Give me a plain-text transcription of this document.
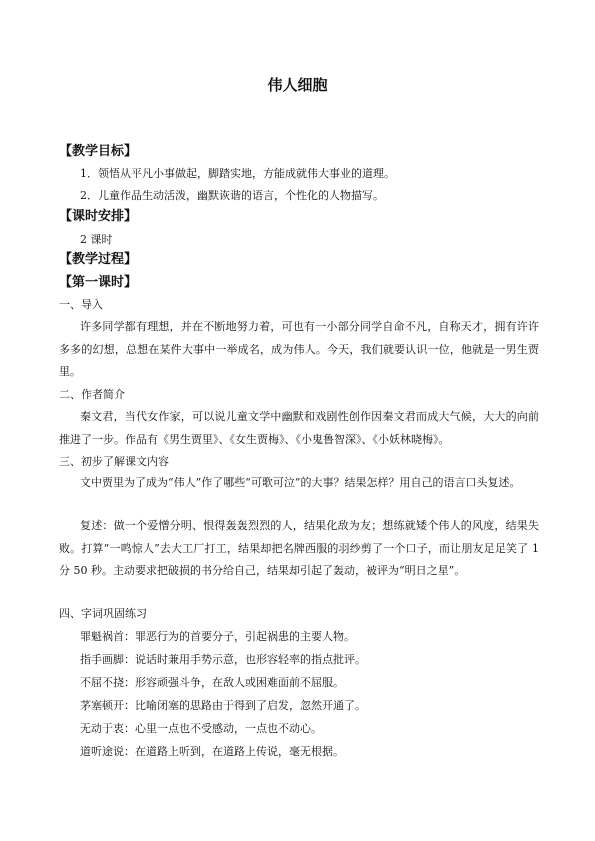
伟人细胞
【教学目标】
1．领悟从平凡小事做起，脚踏实地，方能成就伟大事业的道理。
2．儿童作品生动活泼，幽默诙谐的语言，个性化的人物描写。
【课时安排】
2 课时
【教学过程】
【第一课时】
一、导入
许多同学都有理想，并在不断地努力着，可也有一小部分同学自命不凡，自称天才，拥有许许多多的幻想，总想在某件大事中一举成名，成为伟人。今天，我们就要认识一位，他就是一男生贾里。
二、作者简介
秦文君，当代女作家，可以说儿童文学中幽默和戏剧性创作因秦文君而成大气候，大大的向前推进了一步。作品有《男生贾里》、《女生贾梅》、《小鬼鲁智深》、《小妖林晓梅》。
三、初步了解课文内容
文中贾里为了成为“伟人”作了哪些“可歌可泣”的大事？结果怎样？用自己的语言口头复述。
复述：做一个爱憎分明、恨得轰轰烈烈的人，结果化敌为友；想练就矮个伟人的风度，结果失败。打算“一鸣惊人”去大工厂打工，结果却把名牌西服的羽纱剪了一个口子，而让朋友足足笑了 1 分 50 秒。主动要求把破损的书分给自己，结果却引起了轰动，被评为“明日之星”。
四、字词巩固练习
罪魁祸首：罪恶行为的首要分子，引起祸患的主要人物。
指手画脚：说话时兼用手势示意，也形容轻率的指点批评。
不屈不挠：形容顽强斗争，在敌人或困难面前不屈服。
茅塞顿开：比喻闭塞的思路由于得到了启发，忽然开通了。
无动于衷：心里一点也不受感动，一点也不动心。
道听途说：在道路上听到，在道路上传说，毫无根据。
